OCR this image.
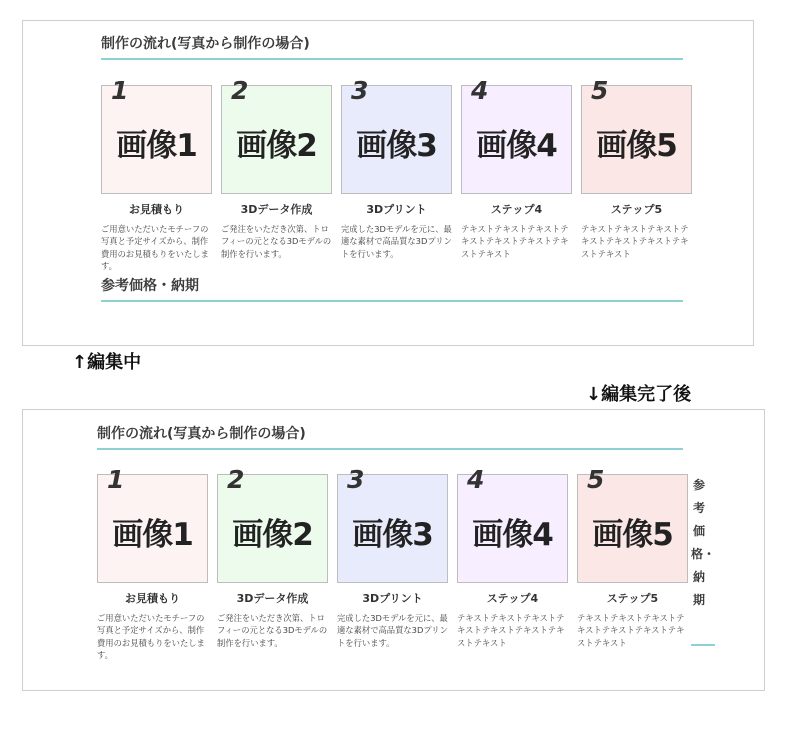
制作の流れ(写真から制作の場合)
1
画像1
お見積もり
ご用意いただいたモチーフの写真と予定サイズから、制作費用のお見積もりをいたします。
2
画像2
3Dデータ作成
ご発注をいただき次第、トロフィーの元となる3Dモデルの制作を行います。
3
画像3
3Dプリント
完成した3Dモデルを元に、最適な素材で高品質な3Dプリントを行います。
4
画像4
ステップ4
テキストテキストテキストテキストテキストテキストテキストテキスト
5
画像5
ステップ5
テキストテキストテキストテキストテキストテキストテキストテキスト
参考価格・納期
↑編集中
↓編集完了後
制作の流れ(写真から制作の場合)
1
画像1
お見積もり
ご用意いただいたモチーフの写真と予定サイズから、制作費用のお見積もりをいたします。
2
画像2
3Dデータ作成
ご発注をいただき次第、トロフィーの元となる3Dモデルの制作を行います。
3
画像3
3Dプリント
完成した3Dモデルを元に、最適な素材で高品質な3Dプリントを行います。
4
画像4
ステップ4
テキストテキストテキストテキストテキストテキストテキストテキスト
5
画像5
ステップ5
テキストテキストテキストテキストテキストテキストテキストテキスト
参
考
価
格・
納
期
